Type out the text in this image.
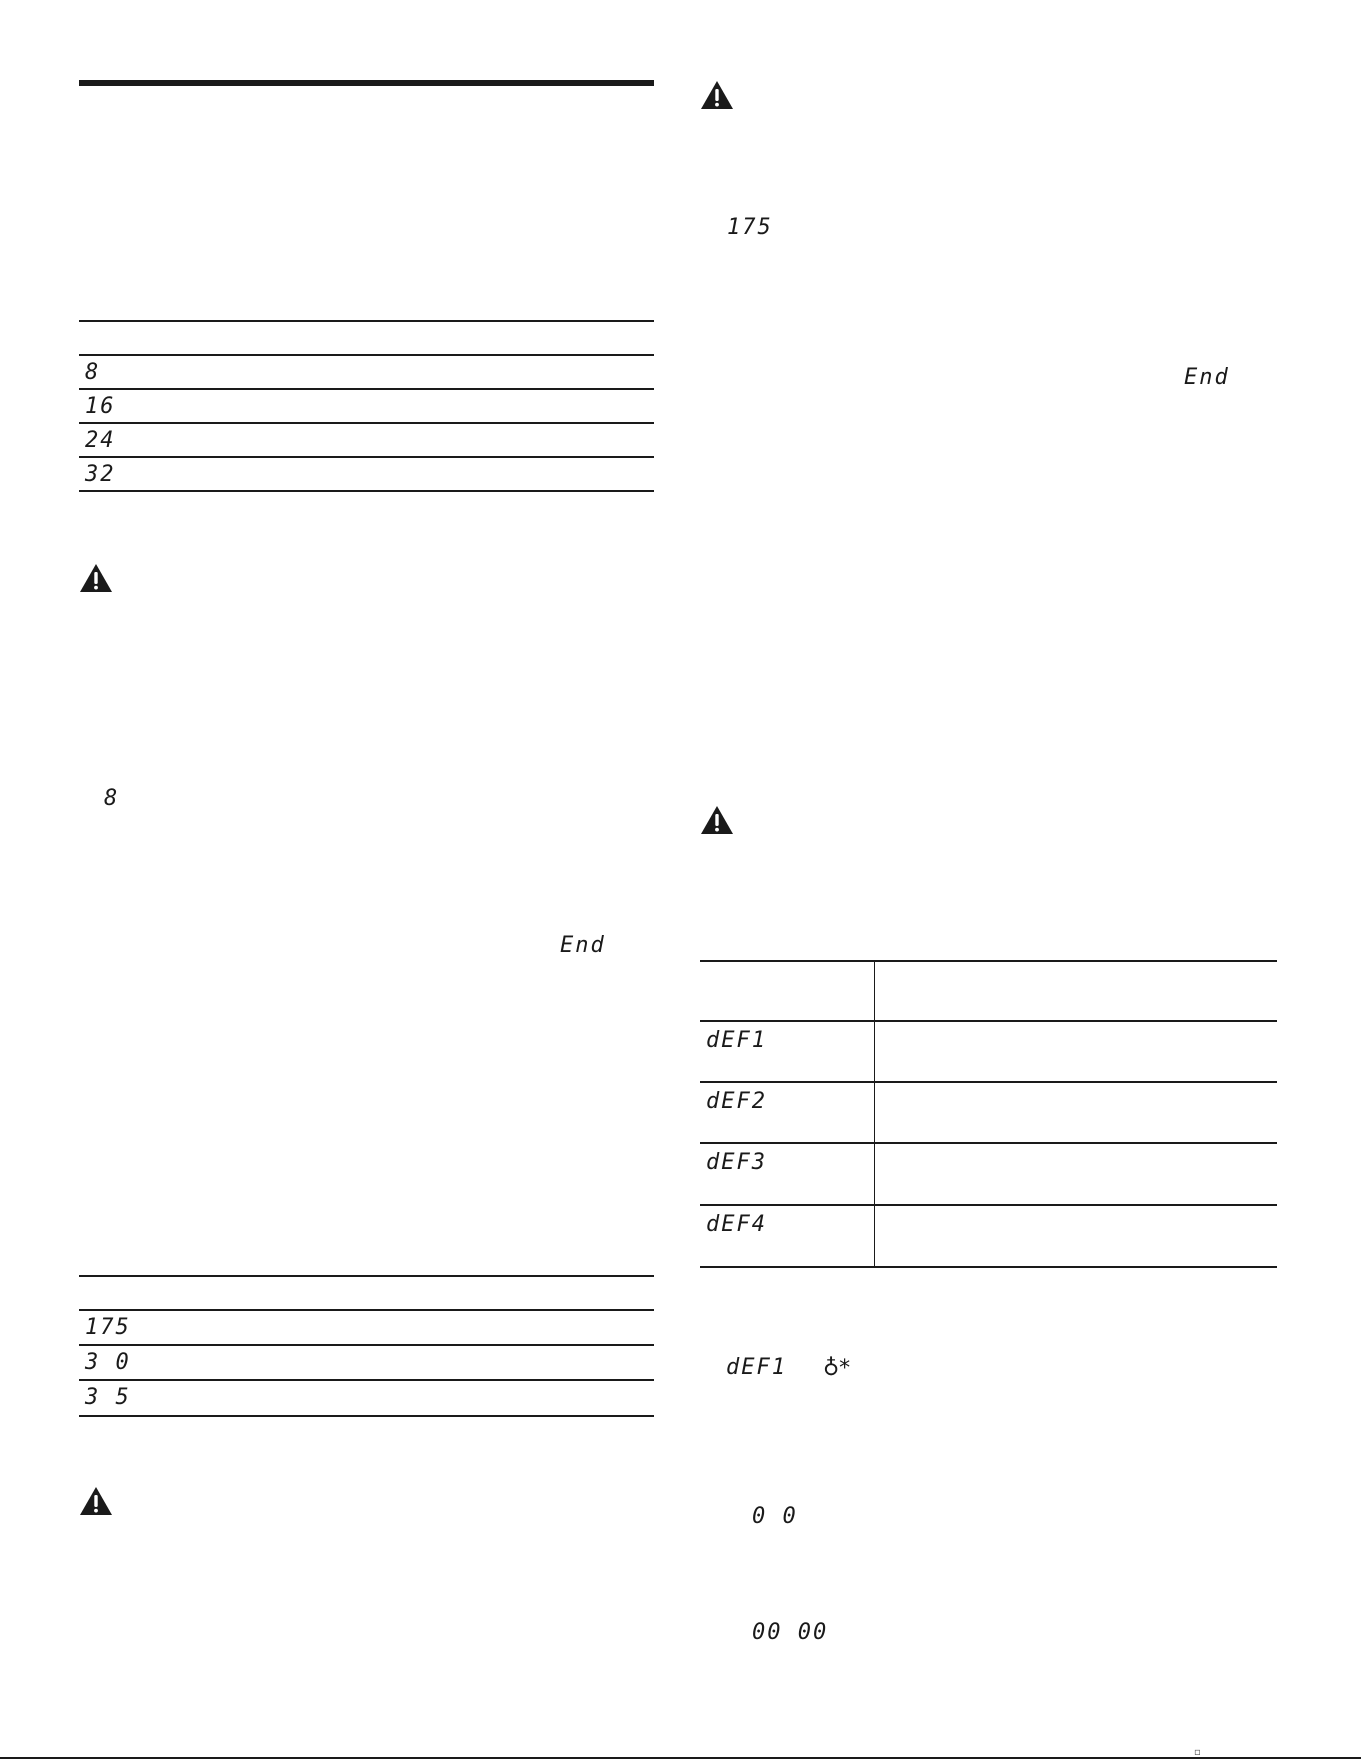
8
16
24
32
8
End
175
3 0
3 5
175
End
dEF1
dEF2
dEF3
dEF4
dEF1 ♁*
0 0
00 00
▫
